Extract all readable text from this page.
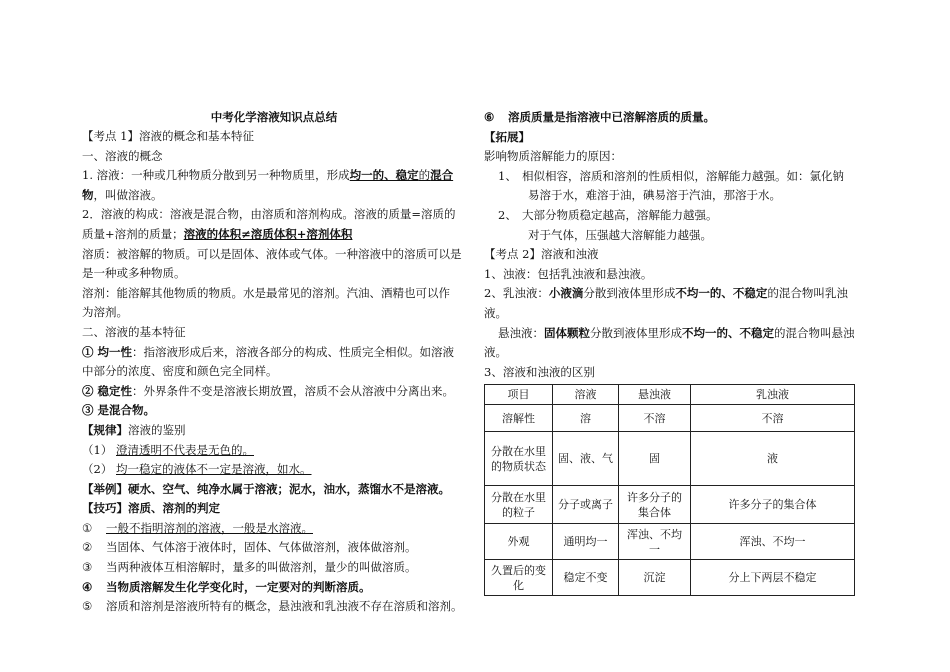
中考化学溶液知识点总结
【考点 1】溶液的概念和基本特征
一、溶液的概念
1. 溶液：一种或几种物质分散到另一种物质里，形成均一的、稳定的混合
物，叫做溶液。
2．溶液的构成：溶液是混合物，由溶质和溶剂构成。溶液的质量=溶质的
质量+溶剂的质量；溶液的体积≠溶质体积+溶剂体积
溶质：被溶解的物质。可以是固体、液体或气体。一种溶液中的溶质可以是
是一种或多种物质。
溶剂：能溶解其他物质的物质。水是最常见的溶剂。汽油、酒精也可以作
为溶剂。
二、溶液的基本特征
① 均一性：指溶液形成后来，溶液各部分的构成、性质完全相似。如溶液
中部分的浓度、密度和颜色完全同样。
② 稳定性：外界条件不变是溶液长期放置，溶质不会从溶液中分离出来。
③ 是混合物。
【规律】溶液的鉴别
（1） 澄清透明不代表是无色的。
（2） 均一稳定的液体不一定是溶液，如水。
【举例】硬水、空气、纯净水属于溶液；泥水，油水，蒸馏水不是溶液。
【技巧】溶质、溶剂的判定
① 一般不指明溶剂的溶液，一般是水溶液。
② 当固体、气体溶于液体时，固体、气体做溶剂，液体做溶剂。
③ 当两种液体互相溶解时，量多的叫做溶剂，量少的叫做溶质。
④ 当物质溶解发生化学变化时，一定要对的判断溶质。
⑤ 溶质和溶剂是溶液所特有的概念，悬浊液和乳浊液不存在溶质和溶剂。
⑥ 溶质质量是指溶液中已溶解溶质的质量。
【拓展】
影响物质溶解能力的原因：
1、 相似相容，溶质和溶剂的性质相似，溶解能力越强。如：氯化钠
易溶于水，难溶于油，碘易溶于汽油，那溶于水。
2、 大部分物质稳定越高，溶解能力越强。
对于气体，压强越大溶解能力越强。
【考点 2】溶液和浊液
1、浊液：包括乳浊液和悬浊液。
2、乳浊液：小液滴分散到液体里形成不均一的、不稳定的混合物叫乳浊
液。
悬浊液：固体颗粒分散到液体里形成不均一的、不稳定的混合物叫悬浊
液。
3、溶液和浊液的区别
项目	溶液	悬浊液	乳浊液
溶解性	溶	不溶	不溶
分散在水里的物质状态	固、液、气	固	液
分散在水里的粒子	分子或离子	许多分子的集合体	许多分子的集合体
外观	通明均一	浑浊、不均一	浑浊、不均一
久置后的变化	稳定不变	沉淀	分上下两层不稳定
